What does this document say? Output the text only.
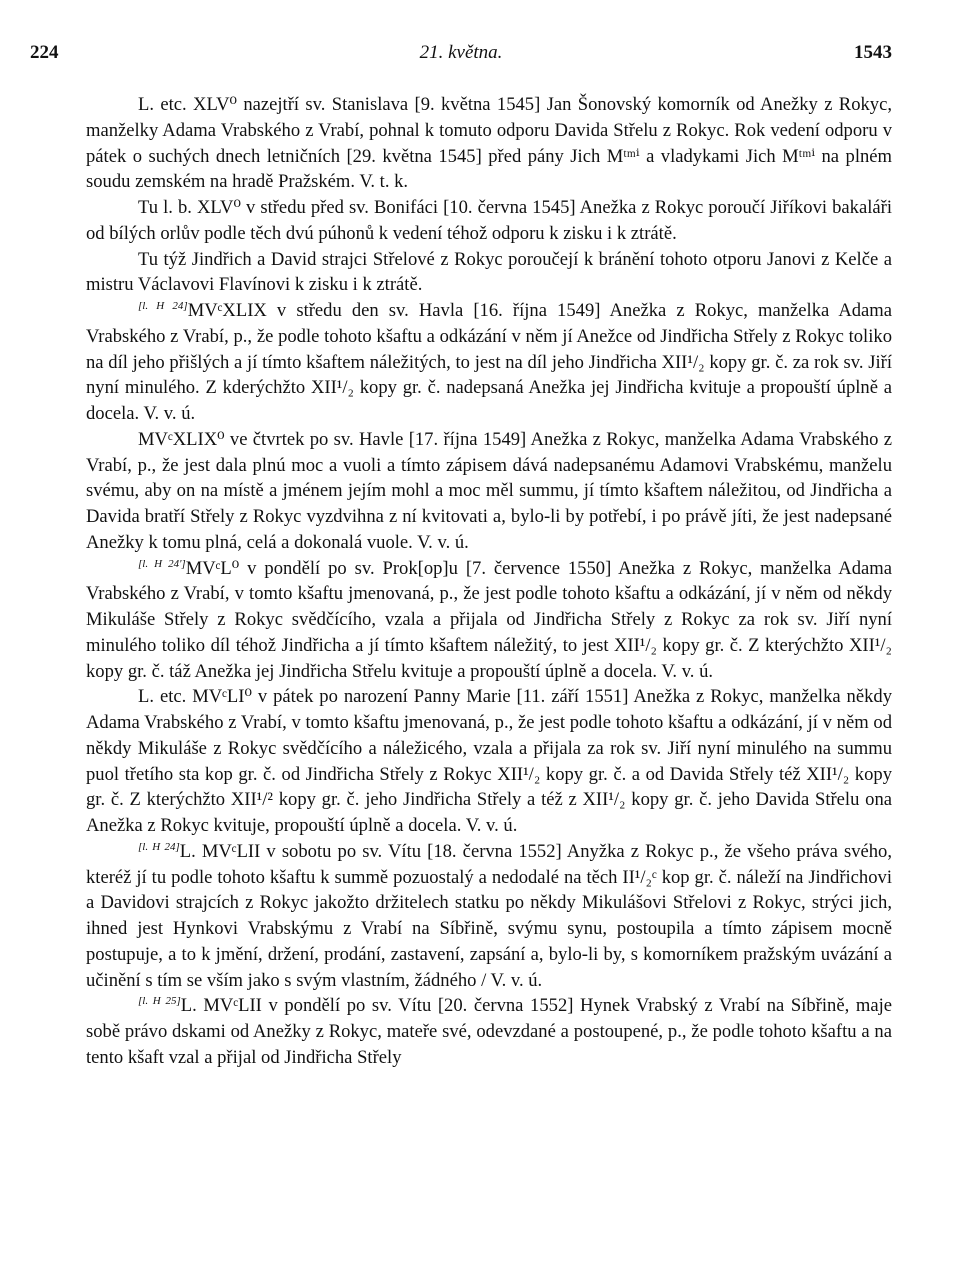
224	21. května.	1543

L. etc. XLV⁰ nazejtří sv. Stanislava [9. května 1545] Jan Šonovský komorník od Anežky z Rokyc, manželky Adama Vrabského z Vrabí, pohnal k tomuto odporu Davida Střelu z Rokyc. Rok vedení odporu v pátek o suchých dnech letničních [29. května 1545] před pány Jich Mᵗᵐⁱ a vladykami Jich Mᵗᵐⁱ na plném soudu zemském na hradě Pražském. V. t. k.

Tu l. b. XLV⁰ v středu před sv. Bonifáci [10. června 1545] Anežka z Rokyc poroučí Jiříkovi bakaláři od bílých orlův podle těch dvú púhonů k vedení téhož odporu k zisku i k ztrátě.

Tu týž Jindřich a David strajci Střelové z Rokyc poroučejí k bránění tohoto otporu Janovi z Kelče a mistru Václavovi Flavínovi k zisku i k ztrátě.

[l. H 24]MVᶜXLIX v středu den sv. Havla [16. října 1549] Anežka z Rokyc, manželka Adama Vrabského z Vrabí, p., že podle tohoto kšaftu a odkázání v něm jí Anežce od Jindřicha Střely z Rokyc toliko na díl jeho přišlých a jí tímto kšaftem náležitých, to jest na díl jeho Jindřicha XII¹/₂ kopy gr. č. za rok sv. Jiří nyní minulého. Z kderýchžto XII¹/₂ kopy gr. č. nadepsaná Anežka jej Jindřicha kvituje a propouští úplně a docela. V. v. ú.

MVᶜXLIX⁰ ve čtvrtek po sv. Havle [17. října 1549] Anežka z Rokyc, manželka Adama Vrabského z Vrabí, p., že jest dala plnú moc a vuoli a tímto zápisem dává nadepsanému Adamovi Vrabskému, manželu svému, aby on na místě a jménem jejím mohl a moc měl summu, jí tímto kšaftem náležitou, od Jindřicha a Davida bratří Střely z Rokyc vyzdvihna z ní kvitovati a, bylo-li by potřebí, i po právě jíti, že jest nadepsané Anežky k tomu plná, celá a dokonalá vuole. V. v. ú.

[l. H 24']MVᶜL⁰ v pondělí po sv. Prok[op]u [7. července 1550] Anežka z Rokyc, manželka Adama Vrabského z Vrabí, v tomto kšaftu jmenovaná, p., že jest podle tohoto kšaftu a odkázání, jí v něm od někdy Mikuláše Střely z Rokyc svědčícího, vzala a přijala od Jindřicha Střely z Rokyc za rok sv. Jiří nyní minulého toliko díl téhož Jindřicha a jí tímto kšaftem náležitý, to jest XII¹/₂ kopy gr. č. Z kterýchžto XII¹/₂ kopy gr. č. táž Anežka jej Jindřicha Střelu kvituje a propouští úplně a docela. V. v. ú.

L. etc. MVᶜLI⁰ v pátek po narození Panny Marie [11. září 1551] Anežka z Rokyc, manželka někdy Adama Vrabského z Vrabí, v tomto kšaftu jmenovaná, p., že jest podle tohoto kšaftu a odkázání, jí v něm od někdy Mikuláše z Rokyc svědčícího a náležicého, vzala a přijala za rok sv. Jiří nyní minulého na summu puol třetího sta kop gr. č. od Jindřicha Střely z Rokyc XII¹/₂ kopy gr. č. a od Davida Střely též XII¹/₂ kopy gr. č. Z kterýchžto XII¹/² kopy gr. č. jeho Jindřicha Střely a též z XII¹/₂ kopy gr. č. jeho Davida Střelu ona Anežka z Rokyc kvituje, propouští úplně a docela. V. v. ú.

[l. H 24]L. MVᶜLII v sobotu po sv. Vítu [18. června 1552] Anyžka z Rokyc p., že všeho práva svého, kteréž jí tu podle tohoto kšaftu k summě pozuostalý a nedodalé na těch II¹/₂ᶜ kop gr. č. náleží na Jindřichovi a Davidovi strajcích z Rokyc jakožto držitelech statku po někdy Mikulášovi Střelovi z Rokyc, strýci jich, ihned jest Hynkovi Vrabskýmu z Vrabí na Síbřině, svýmu synu, postoupila a tímto zápisem mocně postupuje, a to k jmění, držení, prodání, zastavení, zapsání a, bylo-li by, s komorníkem pražským uvázání a učinění s tím se vším jako s svým vlastním, žádného / V. v. ú.

[l. H 25]L. MVᶜLII v pondělí po sv. Vítu [20. června 1552] Hynek Vrabský z Vrabí na Síbřině, maje sobě právo dskami od Anežky z Rokyc, mateře své, odevzdané a postoupené, p., že podle tohoto kšaftu a na tento kšaft vzal a přijal od Jindřicha Střely
